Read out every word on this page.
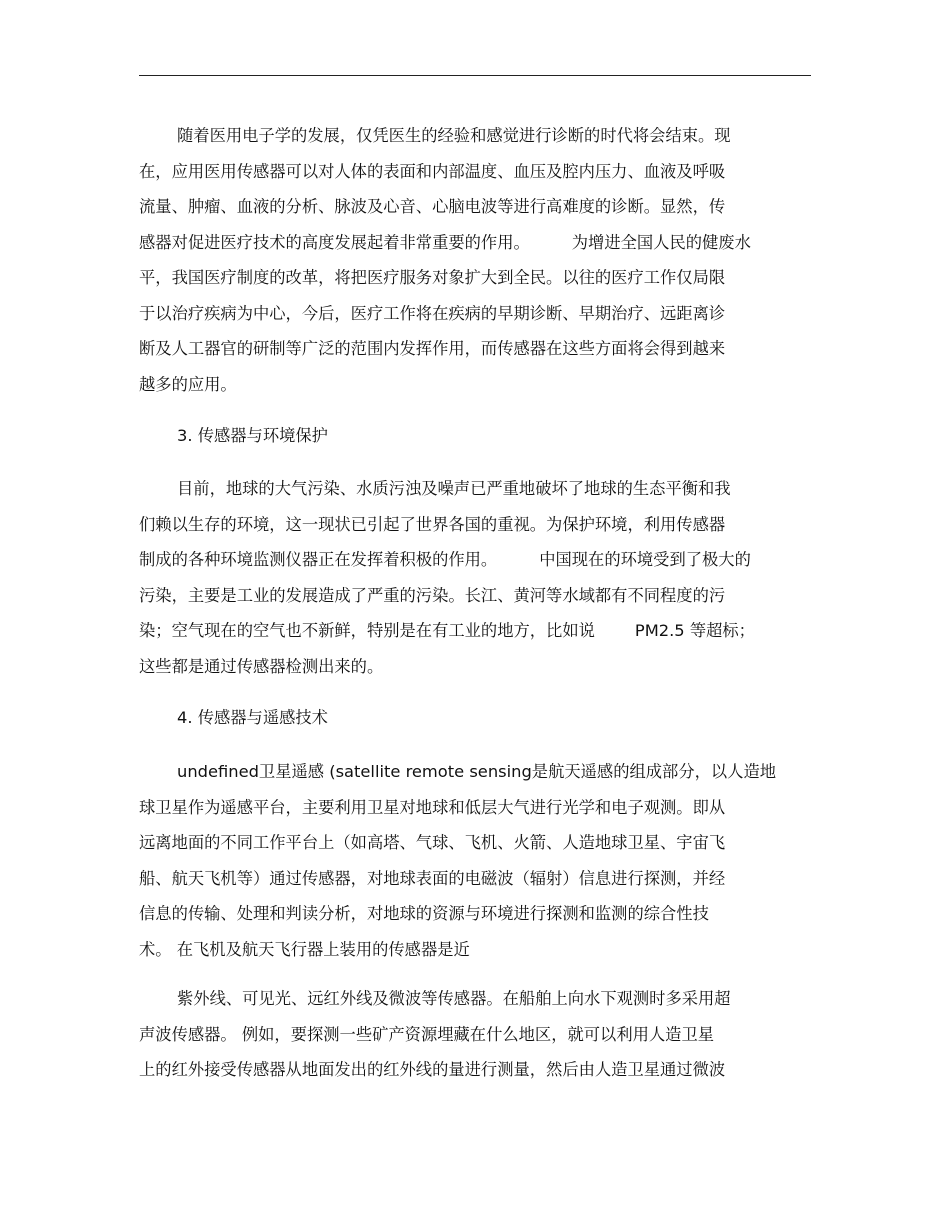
随着医用电子学的发展，仅凭医生的经验和感觉进行诊断的时代将会结束。现
在，应用医用传感器可以对人体的表面和内部温度、血压及腔内压力、血液及呼吸
流量、肿瘤、血液的分析、脉波及心音、心脑电波等进行高难度的诊断。显然，传
感器对促进医疗技术的高度发展起着非常重要的作用。	为增进全国人民的健废水
平，我国医疗制度的改革，将把医疗服务对象扩大到全民。以往的医疗工作仅局限
于以治疗疾病为中心，今后，医疗工作将在疾病的早期诊断、早期治疗、远距离诊
断及人工器官的研制等广泛的范围内发挥作用，而传感器在这些方面将会得到越来
越多的应用。
3. 传感器与环境保护
目前，地球的大气污染、水质污浊及噪声已严重地破坏了地球的生态平衡和我
们赖以生存的环境，这一现状已引起了世界各国的重视。为保护环境，利用传感器
制成的各种环境监测仪器正在发挥着积极的作用。	中国现在的环境受到了极大的
污染，主要是工业的发展造成了严重的污染。长江、黄河等水域都有不同程度的污
染；空气现在的空气也不新鲜，特别是在有工业的地方，比如说 PM2.5 等超标；
这些都是通过传感器检测出来的。
4. 传感器与遥感技术
undefined卫星遥感 (satellite remote sensing是航天遥感的组成部分，以人造地
球卫星作为遥感平台，主要利用卫星对地球和低层大气进行光学和电子观测。即从
远离地面的不同工作平台上（如高塔、气球、飞机、火箭、人造地球卫星、宇宙飞
船、航天飞机等）通过传感器，对地球表面的电磁波（辐射）信息进行探测，并经
信息的传输、处理和判读分析，对地球的资源与环境进行探测和监测的综合性技
术。 在飞机及航天飞行器上装用的传感器是近
紫外线、可见光、远红外线及微波等传感器。在船舶上向水下观测时多采用超
声波传感器。 例如，要探测一些矿产资源埋藏在什么地区，就可以利用人造卫星
上的红外接受传感器从地面发出的红外线的量进行测量，然后由人造卫星通过微波
